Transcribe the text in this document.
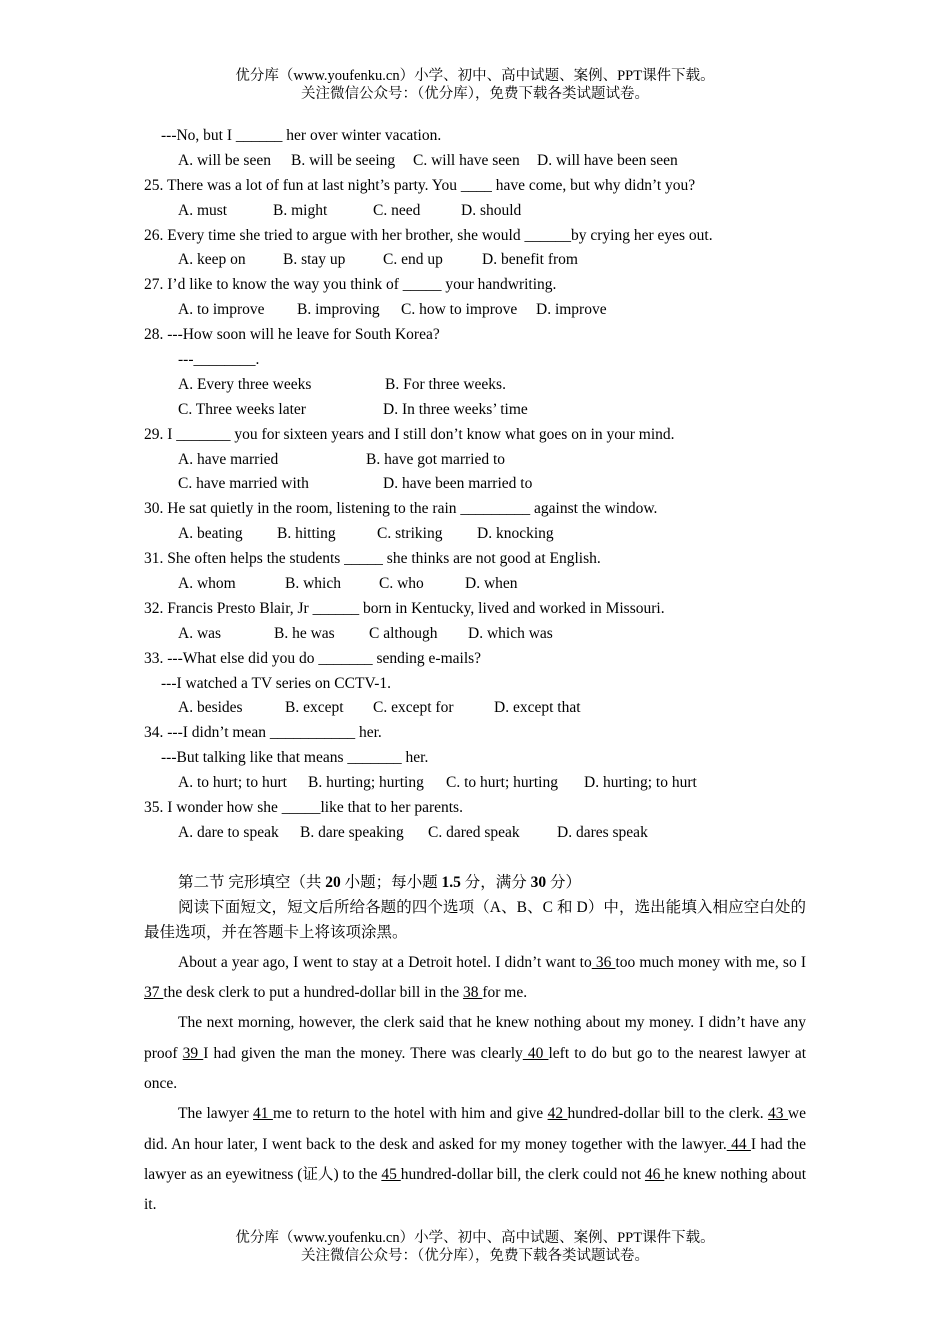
优分库（www.youfenku.cn）小学、初中、高中试题、案例、PPT课件下载。
关注微信公众号：（优分库），免费下载各类试题试卷。
---No, but I ______ her over winter vacation.
A. will be seen B. will be seeing C. will have seen D. will have been seen
25. There was a lot of fun at last night’s party. You ____ have come, but why didn’t you?
A. must	B. might	C. need	D. should
26. Every time she tried to argue with her brother, she would ______by crying her eyes out.
A. keep on B. stay up C. end up	D. benefit from
27. I’d like to know the way you think of _____ your handwriting.
A. to improve B. improving C. how to improve D. improve
28. ---How soon will he leave for South Korea?
---________.
A. Every three weeks	B. For three weeks.
C. Three weeks later	D. In three weeks’ time
29. I _______ you for sixteen years and I still don’t know what goes on in your mind.
A. have married	B. have got married to
C. have married with	D. have been married to
30. He sat quietly in the room, listening to the rain _________ against the window.
A. beating B. hitting	C. striking D. knocking
31. She often helps the students _____ she thinks are not good at English.
A. whom	B. which C. who	D. when
32. Francis Presto Blair, Jr ______ born in Kentucky, lived and worked in Missouri.
A. was	B. he was C although D. which was
33. ---What else did you do _______ sending e-mails?
---I watched a TV series on CCTV-1.
A. besides	B. except C. except for	D. except that
34. ---I didn’t mean ___________ her.
---But talking like that means _______ her.
A. to hurt; to hurt B. hurting; hurting C. to hurt; hurting D. hurting; to hurt
35. I wonder how she _____like that to her parents.
A. dare to speak B. dare speaking C. dared speak D. dares speak
第二节 完形填空（共 20 小题；每小题 1.5 分，满分 30 分）
阅读下面短文，短文后所给各题的四个选项（A、B、C 和 D）中，选出能填入相应空白处的最佳选项，并在答题卡上将该项涂黑。

About a year ago, I went to stay at a Detroit hotel. I didn’t want to 36 too much money with me, so I 37 the desk clerk to put a hundred-dollar bill in the 38 for me.

The next morning, however, the clerk said that he knew nothing about my money. I didn’t have any proof 39 I had given the man the money. There was clearly 40 left to do but go to the nearest lawyer at once.

The lawyer 41 me to return to the hotel with him and give 42 hundred-dollar bill to the clerk. 43 we did. An hour later, I went back to the desk and asked for my money together with the lawyer. 44 I had the lawyer as an eyewitness (证人) to the 45 hundred-dollar bill, the clerk could not 46 he knew nothing about it.

优分库（www.youfenku.cn）小学、初中、高中试题、案例、PPT课件下载。
关注微信公众号：（优分库），免费下载各类试题试卷。
